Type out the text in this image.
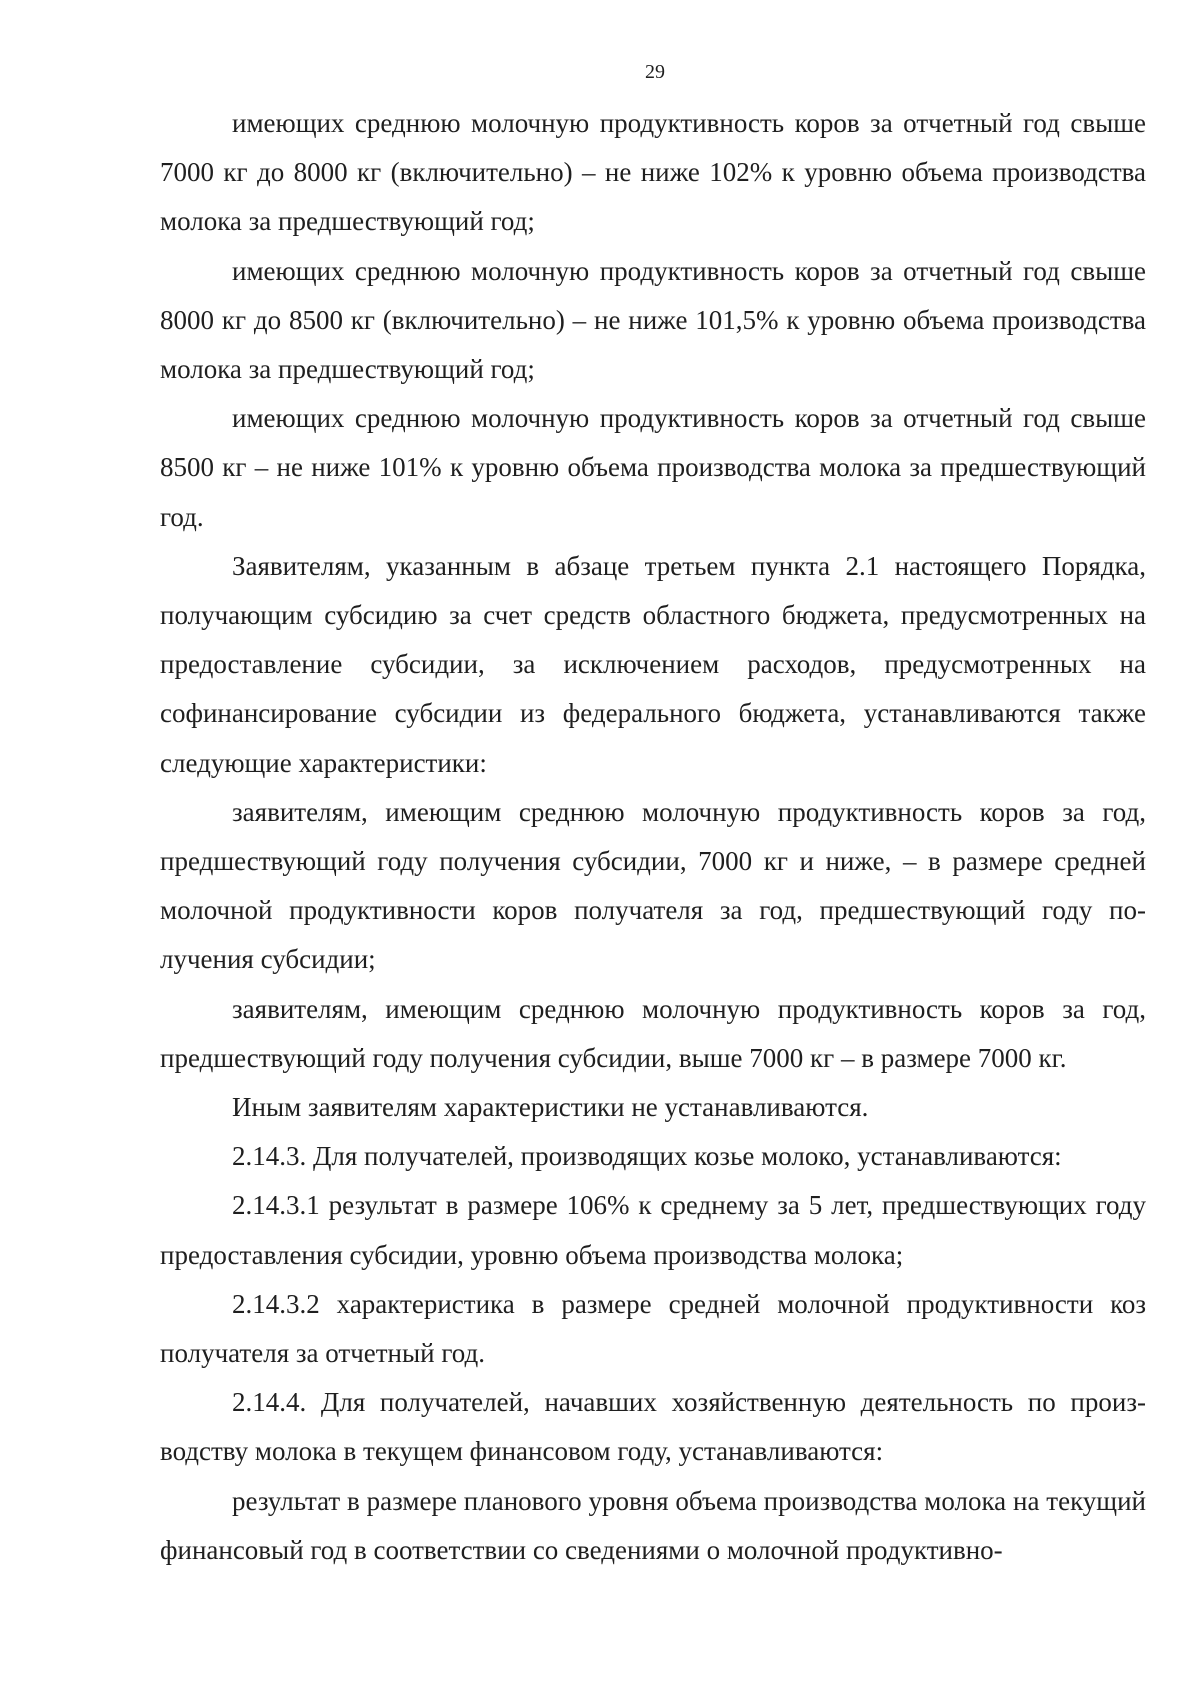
29

имеющих среднюю молочную продуктивность коров за отчетный год свыше 7000 кг до 8000 кг (включительно) – не ниже 102% к уровню объема производства молока за предшествующий год;

имеющих среднюю молочную продуктивность коров за отчетный год свыше 8000 кг до 8500 кг (включительно) – не ниже 101,5% к уровню объема производства молока за предшествующий год;

имеющих среднюю молочную продуктивность коров за отчетный год свыше 8500 кг – не ниже 101% к уровню объема производства молока за предшествующий год.

Заявителям, указанным в абзаце третьем пункта 2.1 настоящего Порядка, получающим субсидию за счет средств областного бюджета, предусмотренных на предоставление субсидии, за исключением расходов, предусмотренных на софинансирование субсидии из федерального бюджета, устанавливаются также следующие характеристики:

заявителям, имеющим среднюю молочную продуктивность коров за год, предшествующий году получения субсидии, 7000 кг и ниже, – в размере средней молочной продуктивности коров получателя за год, предшествующий году получения субсидии;

заявителям, имеющим среднюю молочную продуктивность коров за год, предшествующий году получения субсидии, выше 7000 кг – в размере 7000 кг.

Иным заявителям характеристики не устанавливаются.

2.14.3. Для получателей, производящих козье молоко, устанавливаются:

2.14.3.1 результат в размере 106% к среднему за 5 лет, предшествующих году предоставления субсидии, уровню объема производства молока;

2.14.3.2 характеристика в размере средней молочной продуктивности коз получателя за отчетный год.

2.14.4. Для получателей, начавших хозяйственную деятельность по производству молока в текущем финансовом году, устанавливаются:

результат в размере планового уровня объема производства молока на текущий финансовый год в соответствии со сведениями о молочной продуктивно-
